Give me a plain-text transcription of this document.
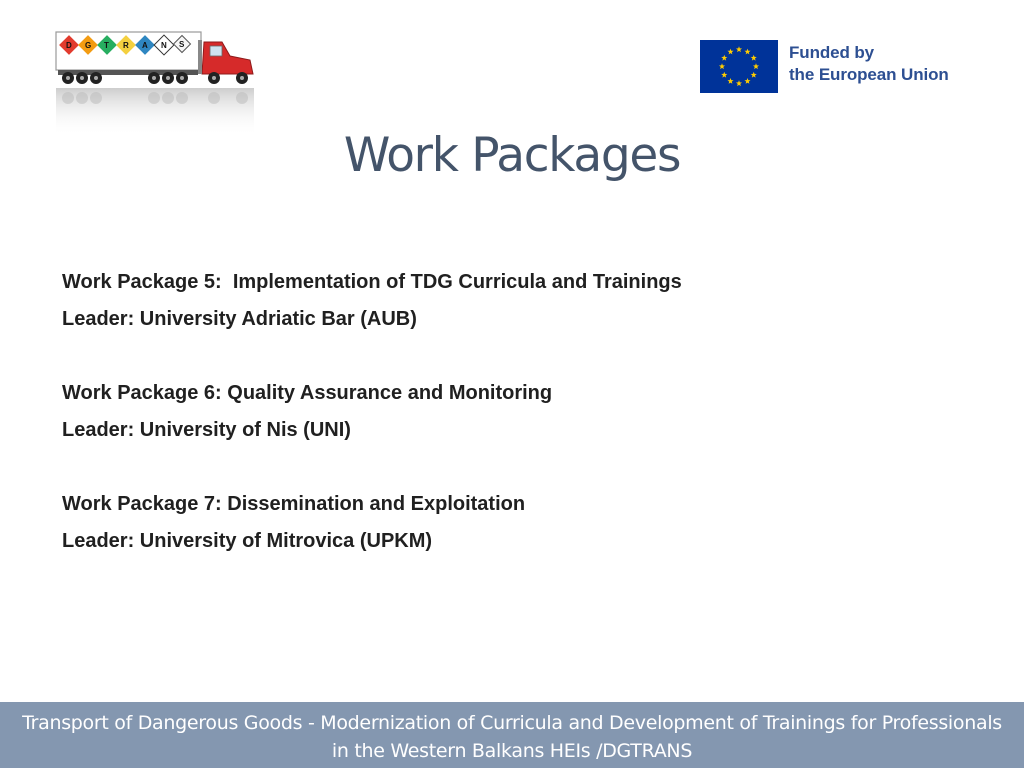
D G T R A N S	Funded by
the European Union
Work Packages
Work Package 5:  Implementation of TDG Curricula and Trainings
Leader: University Adriatic Bar (AUB)
Work Package 6: Quality Assurance and Monitoring
Leader: University of Nis (UNI)
Work Package 7: Dissemination and Exploitation
Leader: University of Mitrovica (UPKM)
Transport of Dangerous Goods - Modernization of Curricula and Development of Trainings for Professionals
in the Western Balkans HEIs /DGTRANS
